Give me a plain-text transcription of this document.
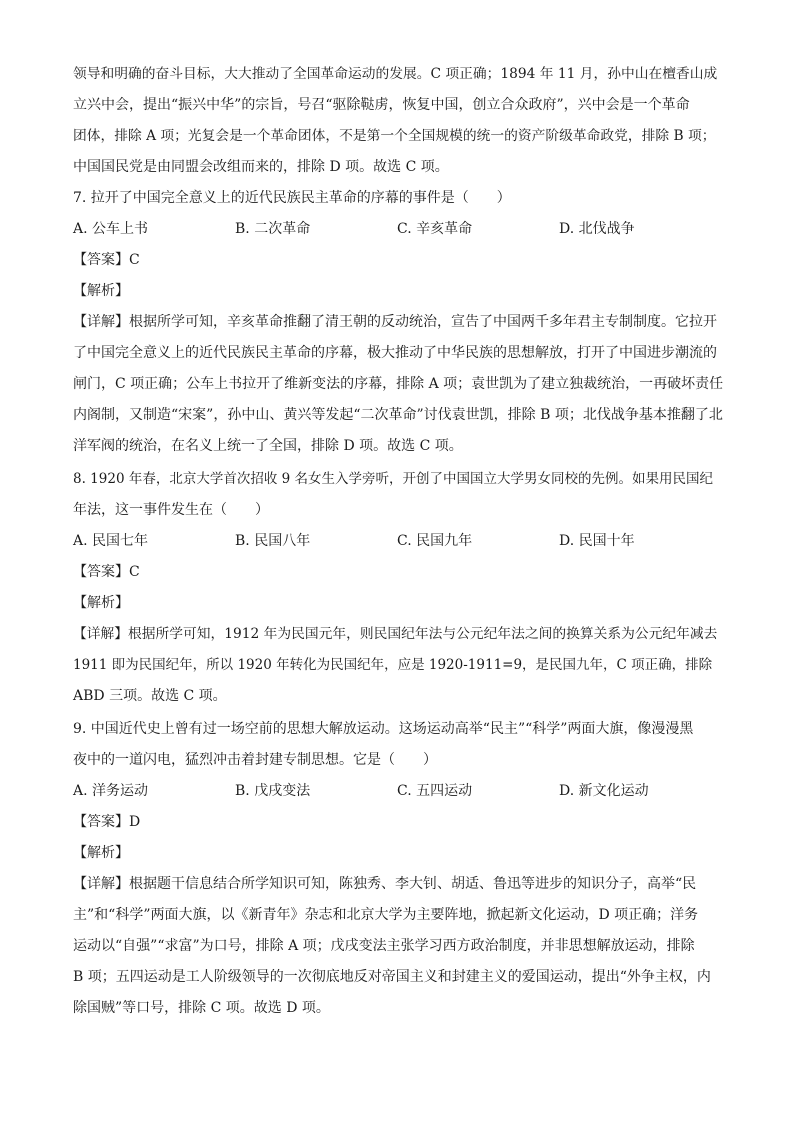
领导和明确的奋斗目标，大大推动了全国革命运动的发展。C 项正确；1894 年 11 月，孙中山在檀香山成
立兴中会，提出“振兴中华”的宗旨，号召“驱除鞑虏，恢复中国，创立合众政府”，兴中会是一个革命
团体，排除 A 项；光复会是一个革命团体，不是第一个全国规模的统一的资产阶级革命政党，排除 B 项；
中国国民党是由同盟会改组而来的，排除 D 项。故选 C 项。
7. 拉开了中国完全意义上的近代民族民主革命的序幕的事件是（　　）
A. 公车上书	B. 二次革命	C. 辛亥革命	D. 北伐战争
【答案】C
【解析】
【详解】根据所学可知，辛亥革命推翻了清王朝的反动统治，宣告了中国两千多年君主专制制度。它拉开
了中国完全意义上的近代民族民主革命的序幕，极大推动了中华民族的思想解放，打开了中国进步潮流的
闸门，C 项正确；公车上书拉开了维新变法的序幕，排除 A 项；袁世凯为了建立独裁统治，一再破坏责任
内阁制，又制造“宋案”，孙中山、黄兴等发起“二次革命”讨伐袁世凯，排除 B 项；北伐战争基本推翻了北
洋军阀的统治，在名义上统一了全国，排除 D 项。故选 C 项。
8. 1920 年春，北京大学首次招收 9 名女生入学旁听，开创了中国国立大学男女同校的先例。如果用民国纪
年法，这一事件发生在（　　）
A. 民国七年	B. 民国八年	C. 民国九年	D. 民国十年
【答案】C
【解析】
【详解】根据所学可知，1912 年为民国元年，则民国纪年法与公元纪年法之间的换算关系为公元纪年减去
1911 即为民国纪年，所以 1920 年转化为民国纪年，应是 1920-1911=9，是民国九年，C 项正确，排除
ABD 三项。故选 C 项。
9. 中国近代史上曾有过一场空前的思想大解放运动。这场运动高举“民主”“科学”两面大旗，像漫漫黑
夜中的一道闪电，猛烈冲击着封建专制思想。它是（　　）
A. 洋务运动	B. 戊戌变法	C. 五四运动	D. 新文化运动
【答案】D
【解析】
【详解】根据题干信息结合所学知识可知，陈独秀、李大钊、胡适、鲁迅等进步的知识分子，高举“民
主”和“科学”两面大旗，以《新青年》杂志和北京大学为主要阵地，掀起新文化运动，D 项正确；洋务
运动以“自强”“求富”为口号，排除 A 项；戊戌变法主张学习西方政治制度，并非思想解放运动，排除
B 项；五四运动是工人阶级领导的一次彻底地反对帝国主义和封建主义的爱国运动，提出“外争主权，内
除国贼”等口号，排除 C 项。故选 D 项。
